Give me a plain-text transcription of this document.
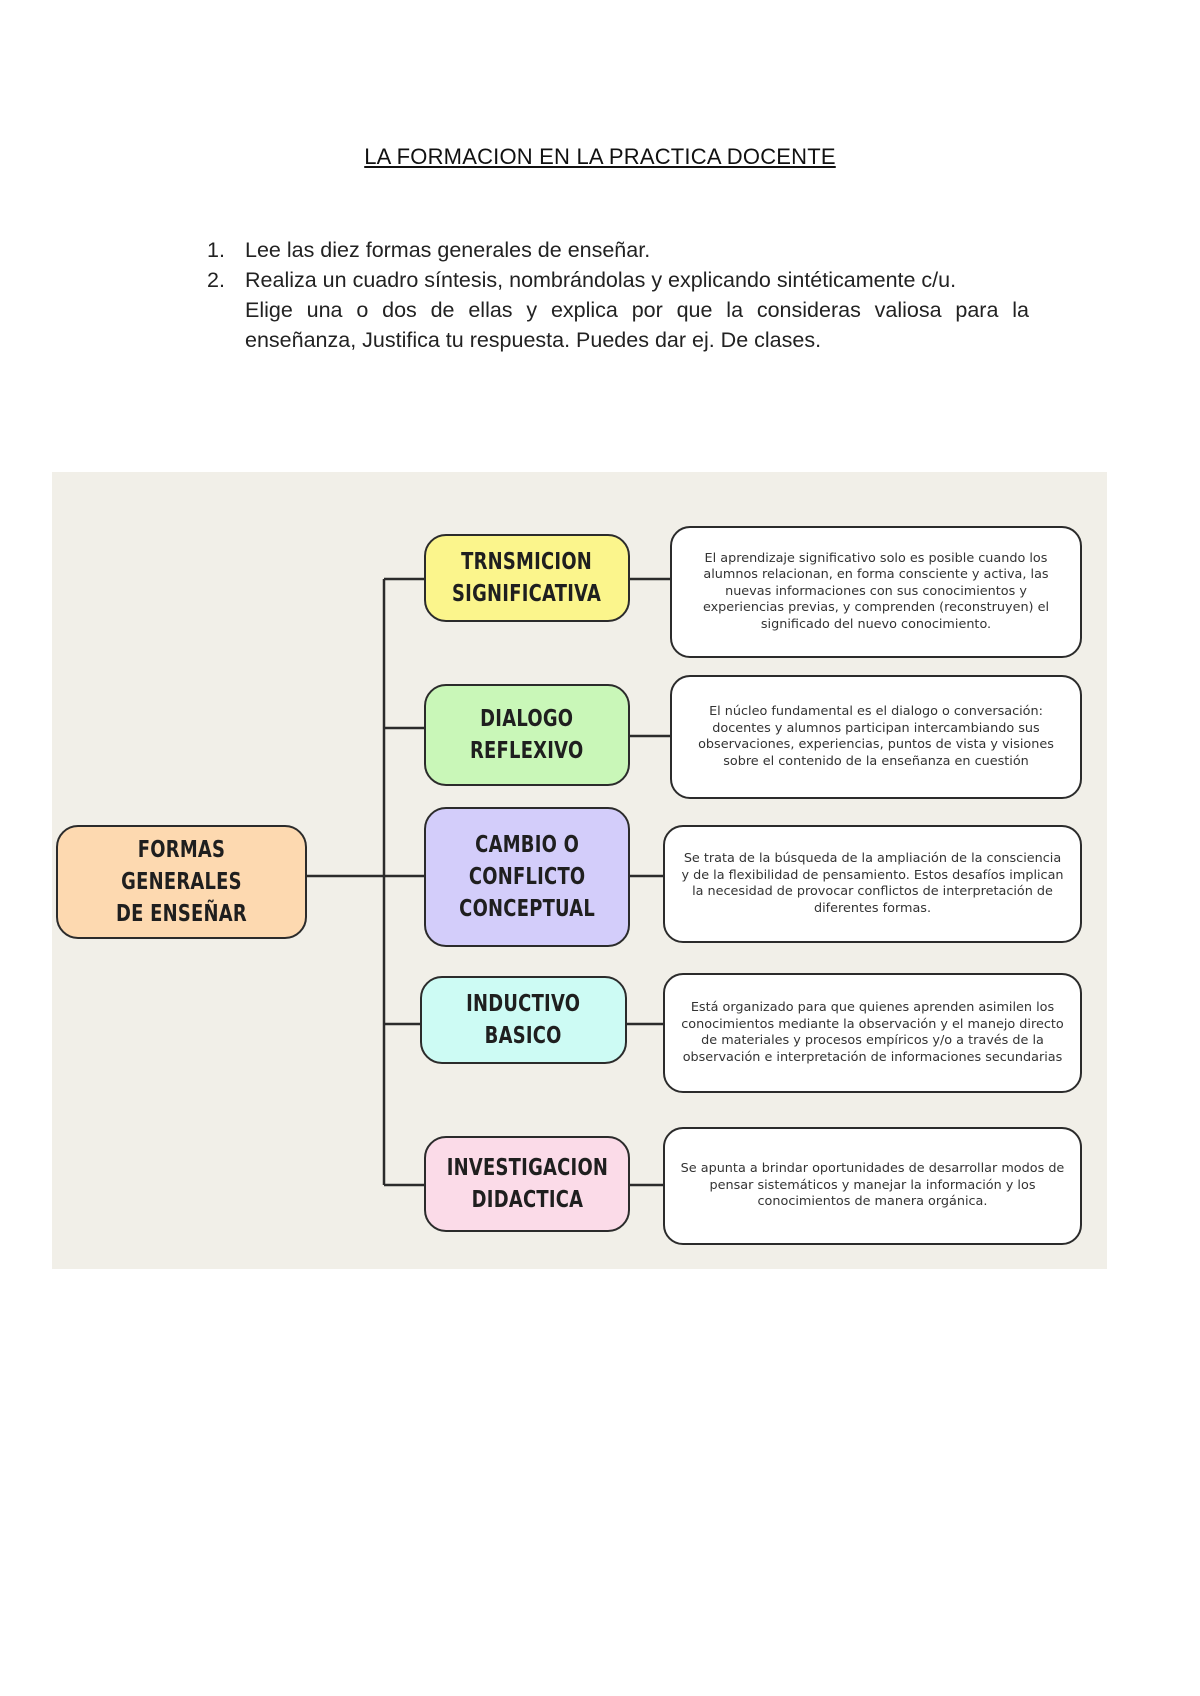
LA FORMACION EN LA PRACTICA DOCENTE
1. Lee las diez formas generales de enseñar.

2. Realiza un cuadro síntesis, nombrándolas y explicando sintéticamente c/u.

Elige una o dos de ellas y explica por que la consideras valiosa para la enseñanza, Justifica tu respuesta. Puedes dar ej. De clases.

FORMAS GENERALES
DE ENSEÑAR
TRNSMICION
SIGNIFICATIVA
DIALOGO
REFLEXIVO
CAMBIO O
CONFLICTO
CONCEPTUAL
INDUCTIVO
BASICO
INVESTIGACION
DIDACTICA
El aprendizaje significativo solo es posible cuando los alumnos relacionan, en forma consciente y activa, las nuevas informaciones con sus conocimientos y experiencias previas, y comprenden (reconstruyen) el significado del nuevo conocimiento.
El núcleo fundamental es el dialogo o conversación: docentes y alumnos participan intercambiando sus observaciones, experiencias, puntos de vista y visiones sobre el contenido de la enseñanza en cuestión
Se trata de la búsqueda de la ampliación de la consciencia y de la flexibilidad de pensamiento. Estos desafíos implican la necesidad de provocar conflictos de interpretación de diferentes formas.
Está organizado para que quienes aprenden asimilen los conocimientos mediante la observación y el manejo directo de materiales y procesos empíricos y/o a través de la observación e interpretación de informaciones secundarias
Se apunta a brindar oportunidades de desarrollar modos de pensar sistemáticos y manejar la información y los conocimientos de manera orgánica.
